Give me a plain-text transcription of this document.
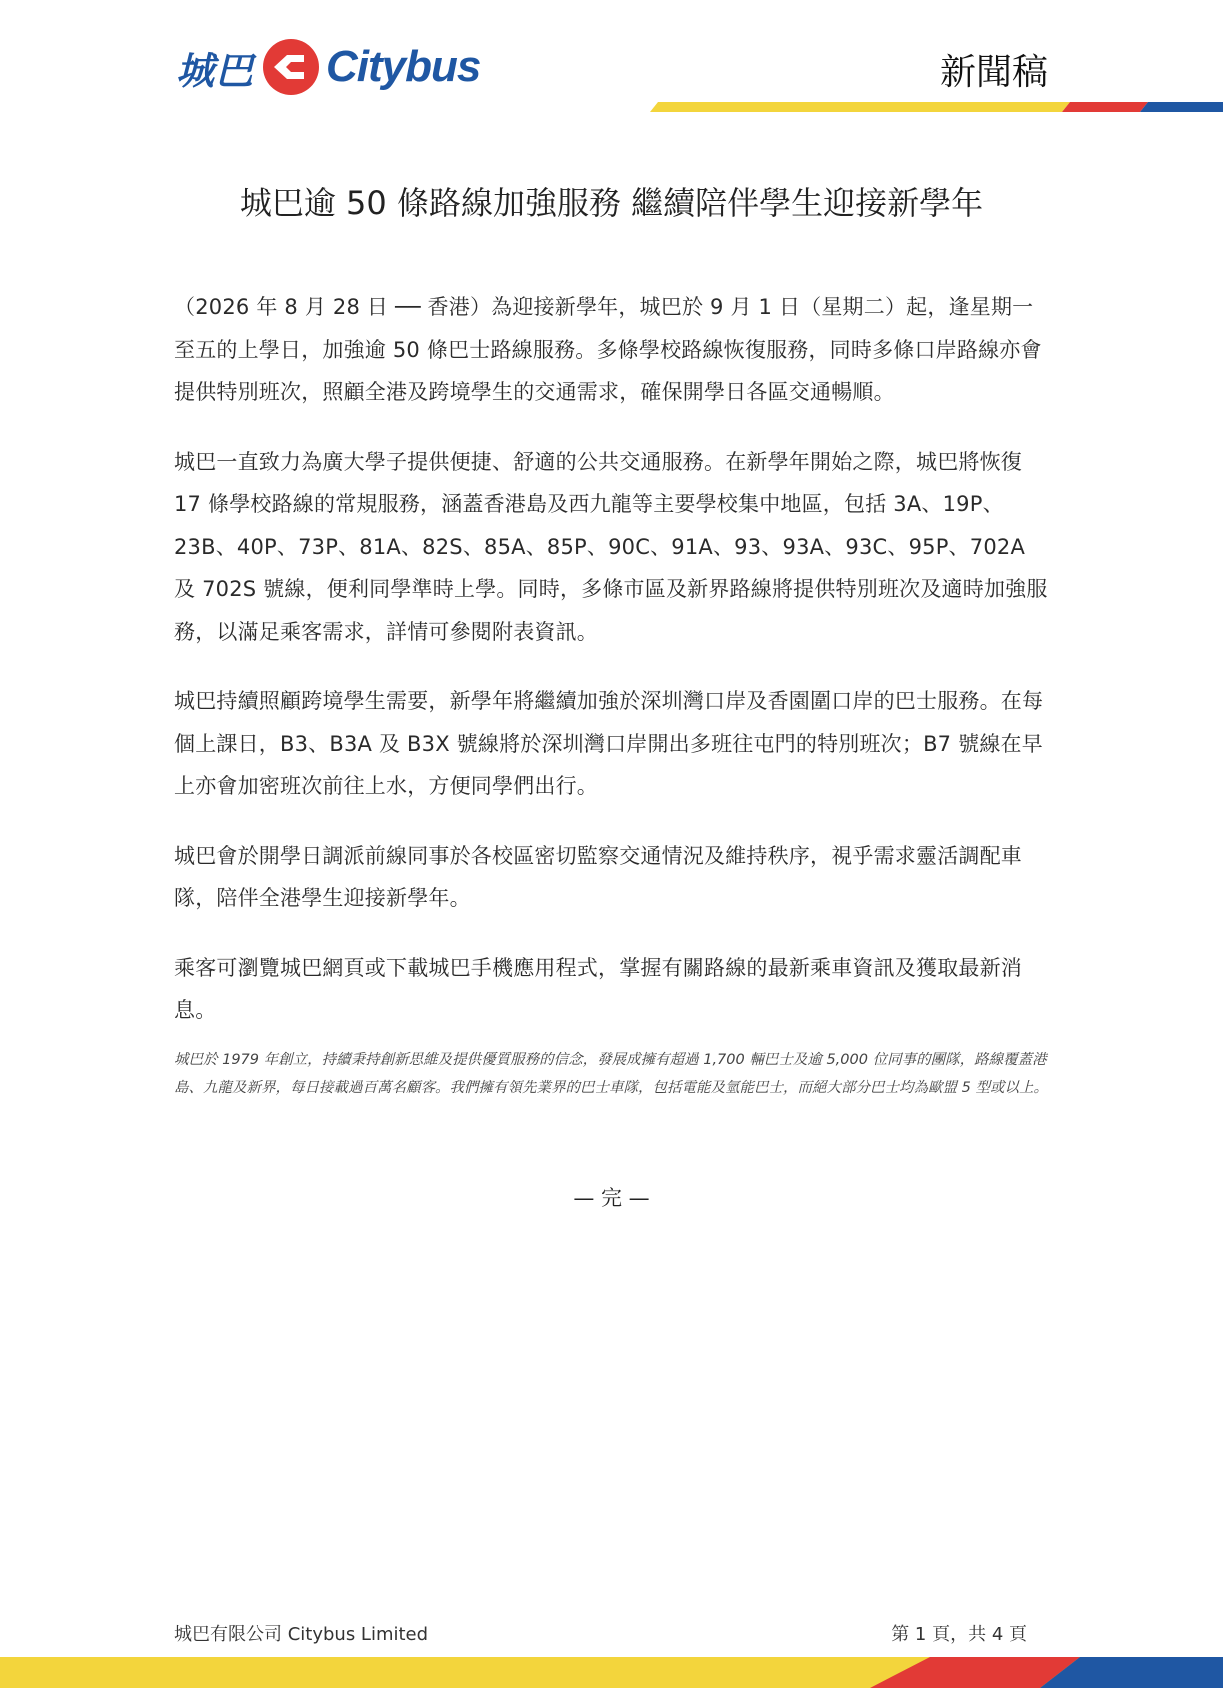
城巴 Citybus	新聞稿
城巴逾 50 條路線加強服務 繼續陪伴學生迎接新學年

（2026 年 8 月 28 日 ── 香港）為迎接新學年，城巴於 9 月 1 日（星期二）起，逢星期一至五的上學日，加強逾 50 條巴士路線服務。多條學校路線恢復服務，同時多條口岸路線亦會提供特別班次，照顧全港及跨境學生的交通需求，確保開學日各區交通暢順。

城巴一直致力為廣大學子提供便捷、舒適的公共交通服務。在新學年開始之際，城巴將恢復 17 條學校路線的常規服務，涵蓋香港島及西九龍等主要學校集中地區，包括 3A、19P、23B、40P、73P、81A、82S、85A、85P、90C、91A、93、93A、93C、95P、702A 及 702S 號線，便利同學準時上學。同時，多條市區及新界路線將提供特別班次及適時加強服務，以滿足乘客需求，詳情可參閱附表資訊。

城巴持續照顧跨境學生需要，新學年將繼續加強於深圳灣口岸及香園圍口岸的巴士服務。在每個上課日，B3、B3A 及 B3X 號線將於深圳灣口岸開出多班往屯門的特別班次；B7 號線在早上亦會加密班次前往上水，方便同學們出行。

城巴會於開學日調派前線同事於各校區密切監察交通情況及維持秩序，視乎需求靈活調配車隊，陪伴全港學生迎接新學年。

乘客可瀏覽城巴網頁或下載城巴手機應用程式，掌握有關路線的最新乘車資訊及獲取最新消息。

城巴於 1979 年創立，持續秉持創新思維及提供優質服務的信念，發展成擁有超過 1,700 輛巴士及逾 5,000 位同事的團隊，路線覆蓋港島、九龍及新界，每日接載過百萬名顧客。我們擁有領先業界的巴士車隊，包括電能及氫能巴士，而絕大部分巴士均為歐盟 5 型或以上。

— 完 —
城巴有限公司 Citybus Limited	第 1 頁，共 4 頁
